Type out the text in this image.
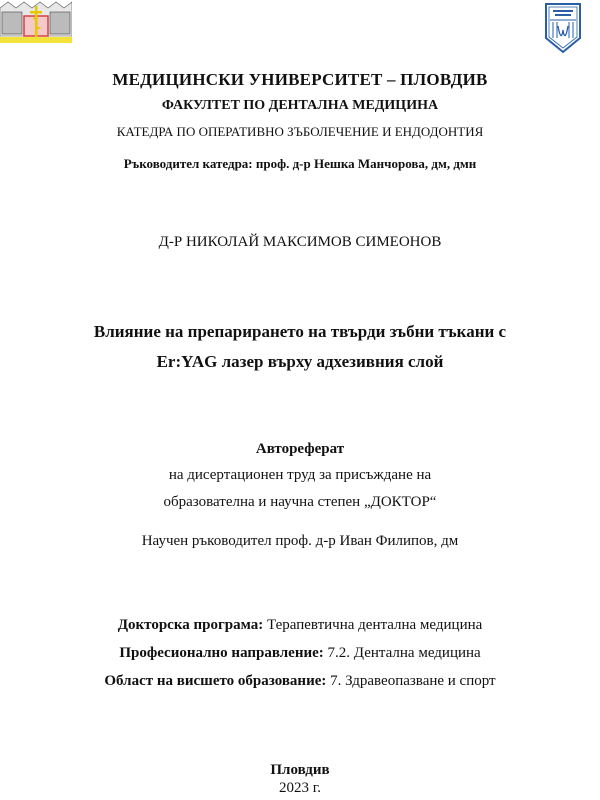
МЕДИЦИНСКИ УНИВЕРСИТЕТ – ПЛОВДИВ
ФАКУЛТЕТ ПО ДЕНТАЛНА МЕДИЦИНА
КАТЕДРА ПО ОПЕРАТИВНО ЗЪБОЛЕЧЕНИЕ И ЕНДОДОНТИЯ
Ръководител катедра: проф. д-р Нешка Манчорова, дм, дмн
Д-Р НИКОЛАЙ МАКСИМОВ СИМЕОНОВ
Влияние на препарирането на твърди зъбни тъкани с
Er:YAG лазер върху адхезивния слой
Автореферат
на дисертационен труд за присъждане на
образователна и научна степен „ДОКТОР“
Научен ръководител проф. д-р Иван Филипов, дм
Докторска програма: Терапевтична дентална медицина
Професионално направление: 7.2. Дентална медицина
Област на висшето образование: 7. Здравеопазване и спорт
Пловдив
2023 г.
